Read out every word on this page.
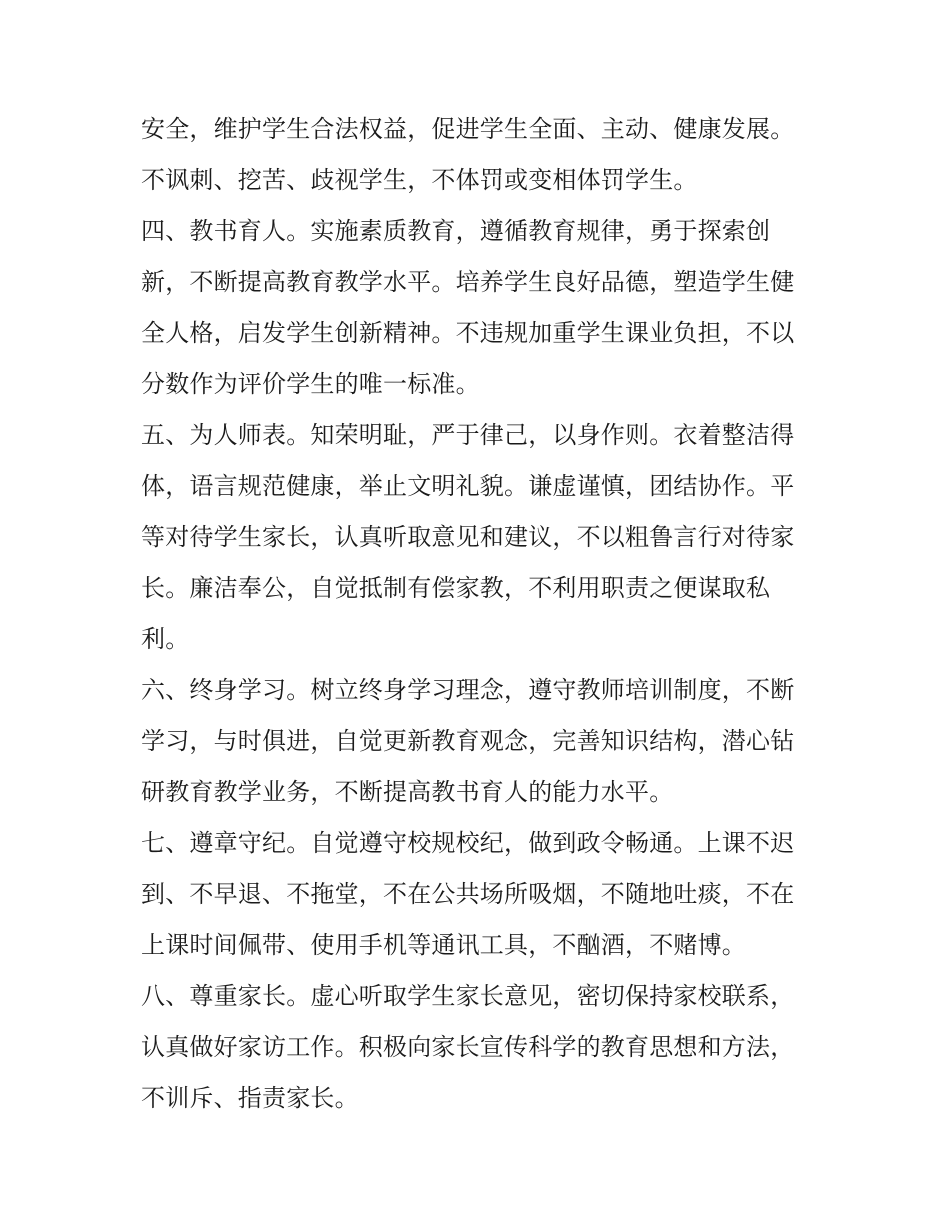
安全，维护学生合法权益，促进学生全面、主动、健康发展。
不讽刺、挖苦、歧视学生，不体罚或变相体罚学生。
四、教书育人。实施素质教育，遵循教育规律，勇于探索创
新，不断提高教育教学水平。培养学生良好品德，塑造学生健
全人格，启发学生创新精神。不违规加重学生课业负担，不以
分数作为评价学生的唯一标准。
五、为人师表。知荣明耻，严于律己，以身作则。衣着整洁得
体，语言规范健康，举止文明礼貌。谦虚谨慎，团结协作。平
等对待学生家长，认真听取意见和建议，不以粗鲁言行对待家
长。廉洁奉公，自觉抵制有偿家教，不利用职责之便谋取私
利。
六、终身学习。树立终身学习理念，遵守教师培训制度，不断
学习，与时俱进，自觉更新教育观念，完善知识结构，潜心钻
研教育教学业务，不断提高教书育人的能力水平。
七、遵章守纪。自觉遵守校规校纪，做到政令畅通。上课不迟
到、不早退、不拖堂，不在公共场所吸烟，不随地吐痰，不在
上课时间佩带、使用手机等通讯工具，不酗酒，不赌博。
八、尊重家长。虚心听取学生家长意见，密切保持家校联系，
认真做好家访工作。积极向家长宣传科学的教育思想和方法，
不训斥、指责家长。
